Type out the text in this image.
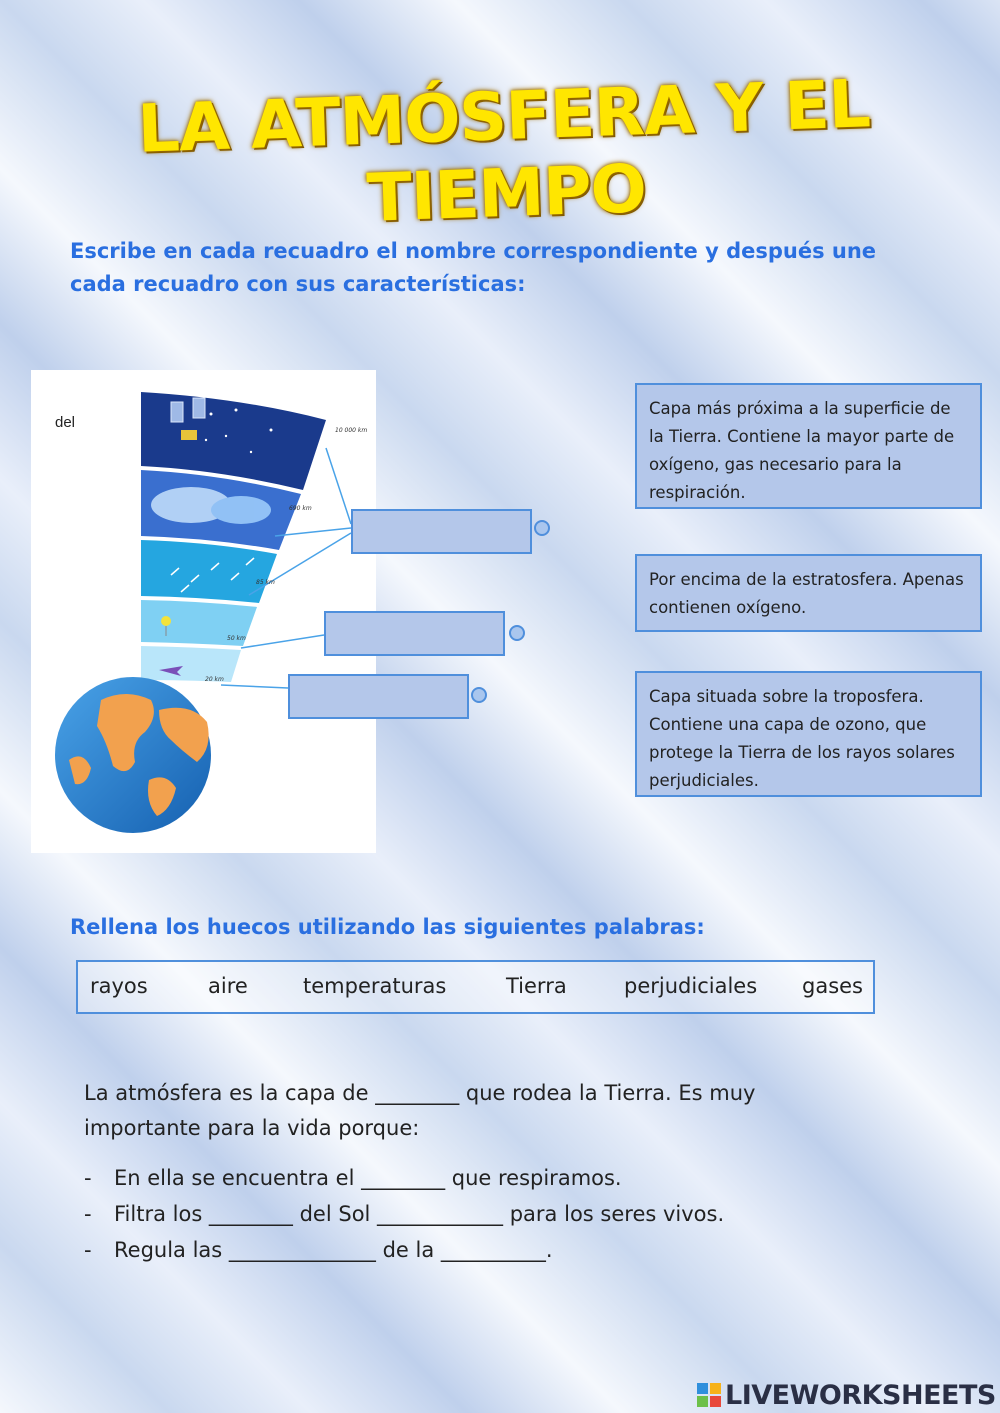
LA ATMÓSFERA Y EL TIEMPO

Escribe en cada recuadro el nombre correspondiente y después une cada recuadro con sus características:

10 000 km
690 km
85 km
50 km
20 km
del
Capa más próxima a la superficie de la Tierra. Contiene la mayor parte de oxígeno, gas necesario para la respiración.
Por encima de la estratosfera. Apenas contienen oxígeno.
Capa situada sobre la troposfera. Contiene una capa de ozono, que protege la Tierra de los rayos solares perjudiciales.

Rellena los huecos utilizando las siguientes palabras:

rayos	aire	temperaturas	Tierra	perjudiciales gases

La atmósfera es la capa de ________ que rodea la Tierra. Es muy importante para la vida porque:

- En ella se encuentra el ________ que respiramos.
- Filtra los ________ del Sol ____________ para los seres vivos.
- Regula las ______________ de la __________.
LIVEWORKSHEETS
